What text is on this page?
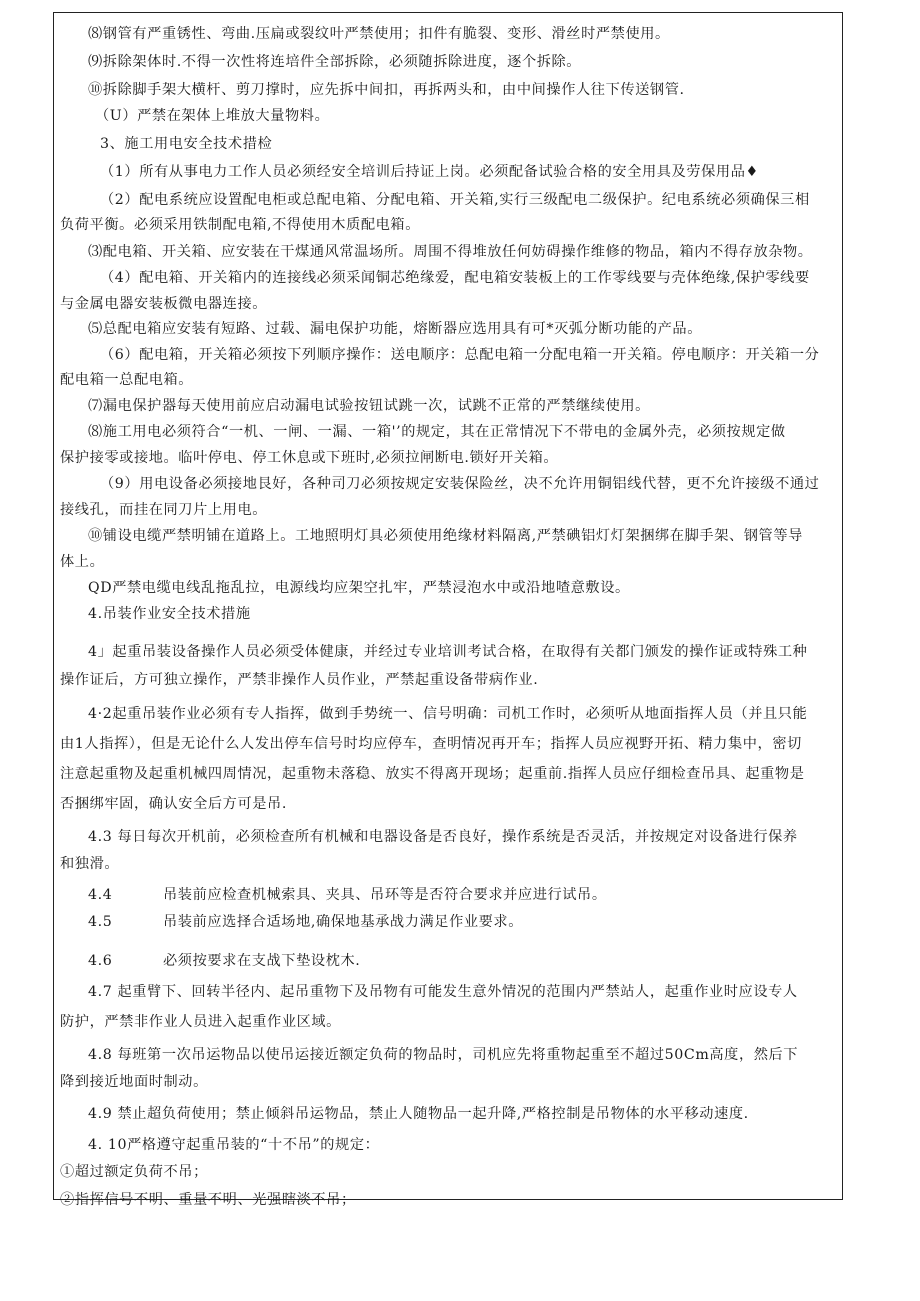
⑻钢管有严重锈性、弯曲.压扁或裂纹叶严禁使用；扣件有脆裂、变形、滑丝时严禁使用。
⑼拆除架体时.不得一次性将连培件全部拆除，必须随拆除进度，逐个拆除。
⑩拆除脚手架大横杆、剪刀撑时，应先拆中间扣，再拆两头和，由中间操作人往下传送钢管.
（U）严禁在架体上堆放大量物料。
3、施工用电安全技术措检
（1）所有从事电力工作人员必须经安全培训后持证上岗。必须配备试验合格的安全用具及劳保用品♦
（2）配电系统应设置配电柜或总配电箱、分配电箱、开关箱,实行三级配电二级保护。纪电系统必须确保三相
负荷平衡。必须采用铁制配电箱,不得使用木质配电箱。
⑶配电箱、开关箱、应安装在干煤通风常温场所。周围不得堆放任何妨碍操作维修的物品，箱内不得存放杂物。
（4）配电箱、开关箱内的连接线必须采闻铜芯绝缘爱，配电箱安装板上的工作零线要与壳体绝缘,保护零线要
与金属电器安装板微电器连接。
⑸总配电箱应安装有短路、过载、漏电保护功能，熔断器应选用具有可*灭弧分断功能的产品。
（6）配电箱，开关箱必须按下列顺序操作：送电顺序：总配电箱一分配电箱一开关箱。停电顺序：开关箱一分
配电箱一总配电箱。
⑺漏电保护器每天使用前应启动漏电试验按钮试跳一次，试跳不正常的严禁继续使用。
⑻施工用电必须符合“一机、一闸、一漏、一箱'’的规定，其在正常情况下不带电的金属外壳，必须按规定做
保护接零或接地。临叶停电、停工休息或下班时,必须拉闸断电.锁好开关箱。
（9）用电设备必须接地艮好，各种司刀必须按规定安装保险丝，决不允许用铜铝线代替，更不允许接级不通过
接线孔，而挂在同刀片上用电。
⑩铺设电缆严禁明铺在道路上。工地照明灯具必须使用绝缘材料隔离,严禁碘铝灯灯架捆绑在脚手架、钢管等导
体上。
QD严禁电缆电线乱拖乱拉，电源线均应架空扎牢，严禁浸泡水中或沿地喳意敷设。
4.吊装作业安全技术措施
4」起重吊装设备操作人员必须受体健康，并经过专业培训考试合格，在取得有关都门颁发的操作证或特殊工种
操作证后，方可独立操作，严禁非操作人员作业，严禁起重设备带病作业.
4·2起重吊装作业必须有专人指挥，做到手势统一、信号明确：司机工作时，必须听从地面指挥人员（并且只能
由1人指挥），但是无论什么人发出停车信号时均应停车，查明情况再开车；指挥人员应视野开拓、精力集中，密切
注意起重物及起重机械四周情况，起重物未落稳、放实不得离开现场；起重前.指挥人员应仔细检查吊具、起重物是
否捆绑牢固，确认安全后方可是吊.
4.3 每日每次开机前，必须检查所有机械和电器设备是否良好，操作系统是否灵活，并按规定对设备进行保养
和独滑。
4.4	吊装前应检查机械索具、夹具、吊环等是否符合要求并应进行试吊。
4.5	吊装前应选择合适场地,确保地基承战力满足作业要求。
4.6	必须按要求在支战下垫设枕木.
4.7 起重臂下、回转半径内、起吊重物下及吊物有可能发生意外情况的范围内严禁站人，起重作业时应设专人
防护，严禁非作业人员进入起重作业区域。
4.8 每班第一次吊运物品以使吊运接近额定负荷的物品时，司机应先将重物起重至不超过50Cm高度，然后下
降到接近地面时制动。
4.9 禁止超负荷使用；禁止倾斜吊运物品，禁止人随物品一起升降,严格控制是吊物体的水平移动速度.
4. 10严格遵守起重吊装的“十不吊”的规定：
①超过额定负荷不吊；
②指挥信号不明、重量不明、光强瞎淡不吊；
